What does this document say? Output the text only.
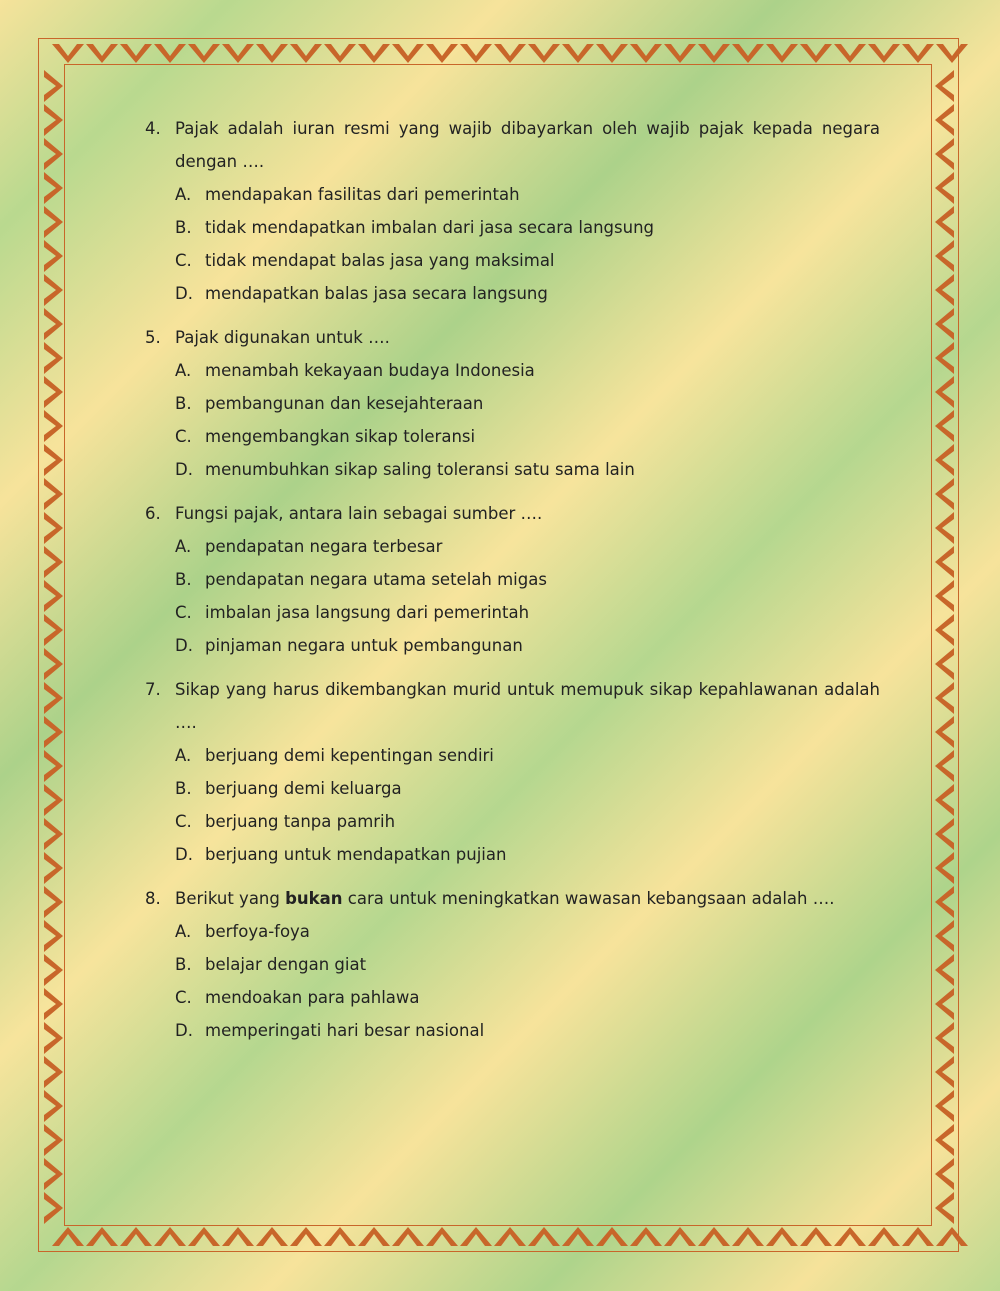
4. Pajak adalah iuran resmi yang wajib dibayarkan oleh wajib pajak kepada negara dengan ….
A. mendapakan fasilitas dari pemerintah
B. tidak mendapatkan imbalan dari jasa secara langsung
C. tidak mendapat balas jasa yang maksimal
D. mendapatkan balas jasa secara langsung
5. Pajak digunakan untuk ….
A. menambah kekayaan budaya Indonesia
B. pembangunan dan kesejahteraan
C. mengembangkan sikap toleransi
D. menumbuhkan sikap saling toleransi satu sama lain
6. Fungsi pajak, antara lain sebagai sumber ….
A. pendapatan negara terbesar
B. pendapatan negara utama setelah migas
C. imbalan jasa langsung dari pemerintah
D. pinjaman negara untuk pembangunan
7. Sikap yang harus dikembangkan murid untuk memupuk sikap kepahlawanan adalah ….
A. berjuang demi kepentingan sendiri
B. berjuang demi keluarga
C. berjuang tanpa pamrih
D. berjuang untuk mendapatkan pujian
8. Berikut yang bukan cara untuk meningkatkan wawasan kebangsaan adalah ….
A. berfoya-foya
B. belajar dengan giat
C. mendoakan para pahlawa
D. memperingati hari besar nasional
